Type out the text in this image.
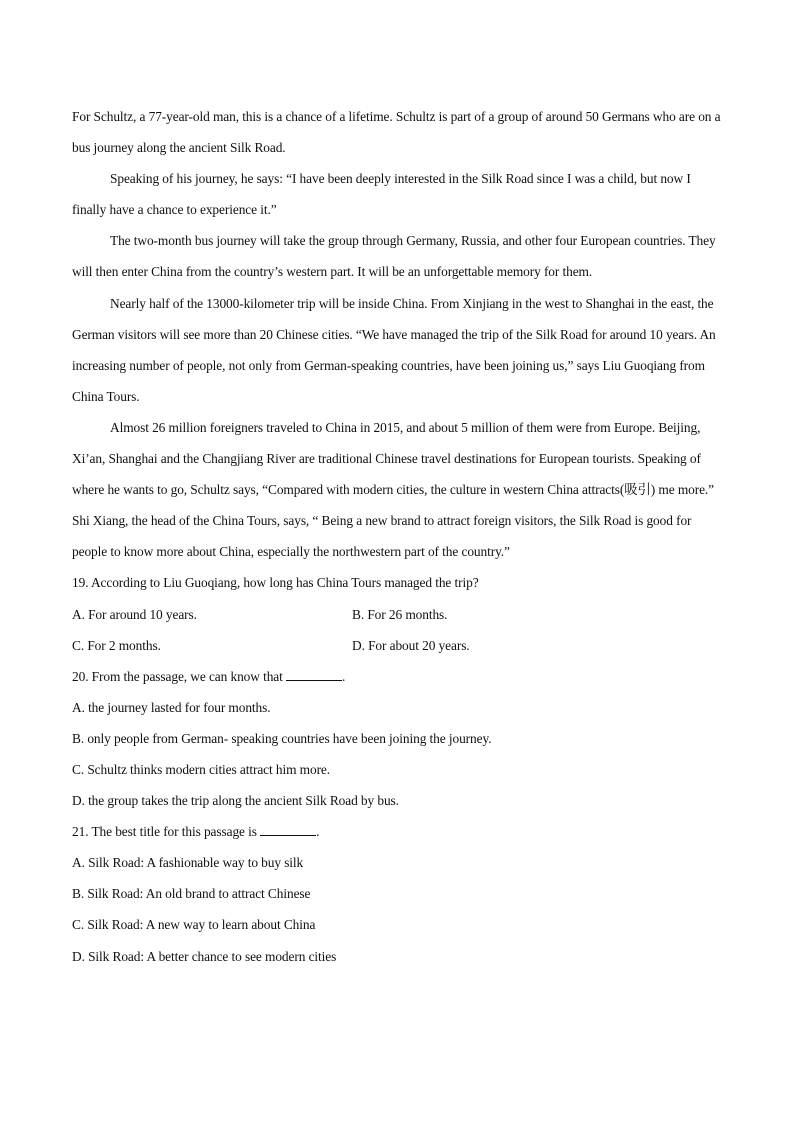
For Schultz, a 77-year-old man, this is a chance of a lifetime. Schultz is part of a group of around 50 Germans who are on a bus journey along the ancient Silk Road.

Speaking of his journey, he says: “I have been deeply interested in the Silk Road since I was a child, but now I finally have a chance to experience it.”

The two-month bus journey will take the group through Germany, Russia, and other four European countries. They will then enter China from the country’s western part. It will be an unforgettable memory for them.

Nearly half of the 13000-kilometer trip will be inside China. From Xinjiang in the west to Shanghai in the east, the German visitors will see more than 20 Chinese cities. “We have managed the trip of the Silk Road for around 10 years. An increasing number of people, not only from German-speaking countries, have been joining us,” says Liu Guoqiang from China Tours.

Almost 26 million foreigners traveled to China in 2015, and about 5 million of them were from Europe. Beijing, Xi’an, Shanghai and the Changjiang River are traditional Chinese travel destinations for European tourists. Speaking of where he wants to go, Schultz says, “Compared with modern cities, the culture in western China attracts(吸引) me more.”

Shi Xiang, the head of the China Tours, says, “ Being a new brand to attract foreign visitors, the Silk Road is good for people to know more about China, especially the northwestern part of the country.”

19. According to Liu Guoqiang, how long has China Tours managed the trip?

A. For around 10 years.	B. For 26 months.

C. For 2 months.	D. For about 20 years.

20. From the passage, we can know that	.

A. the journey lasted for four months.

B. only people from German- speaking countries have been joining the journey.

C. Schultz thinks modern cities attract him more.

D. the group takes the trip along the ancient Silk Road by bus.

21. The best title for this passage is	.

A. Silk Road: A fashionable way to buy silk

B. Silk Road: An old brand to attract Chinese

C. Silk Road: A new way to learn about China

D. Silk Road: A better chance to see modern cities
